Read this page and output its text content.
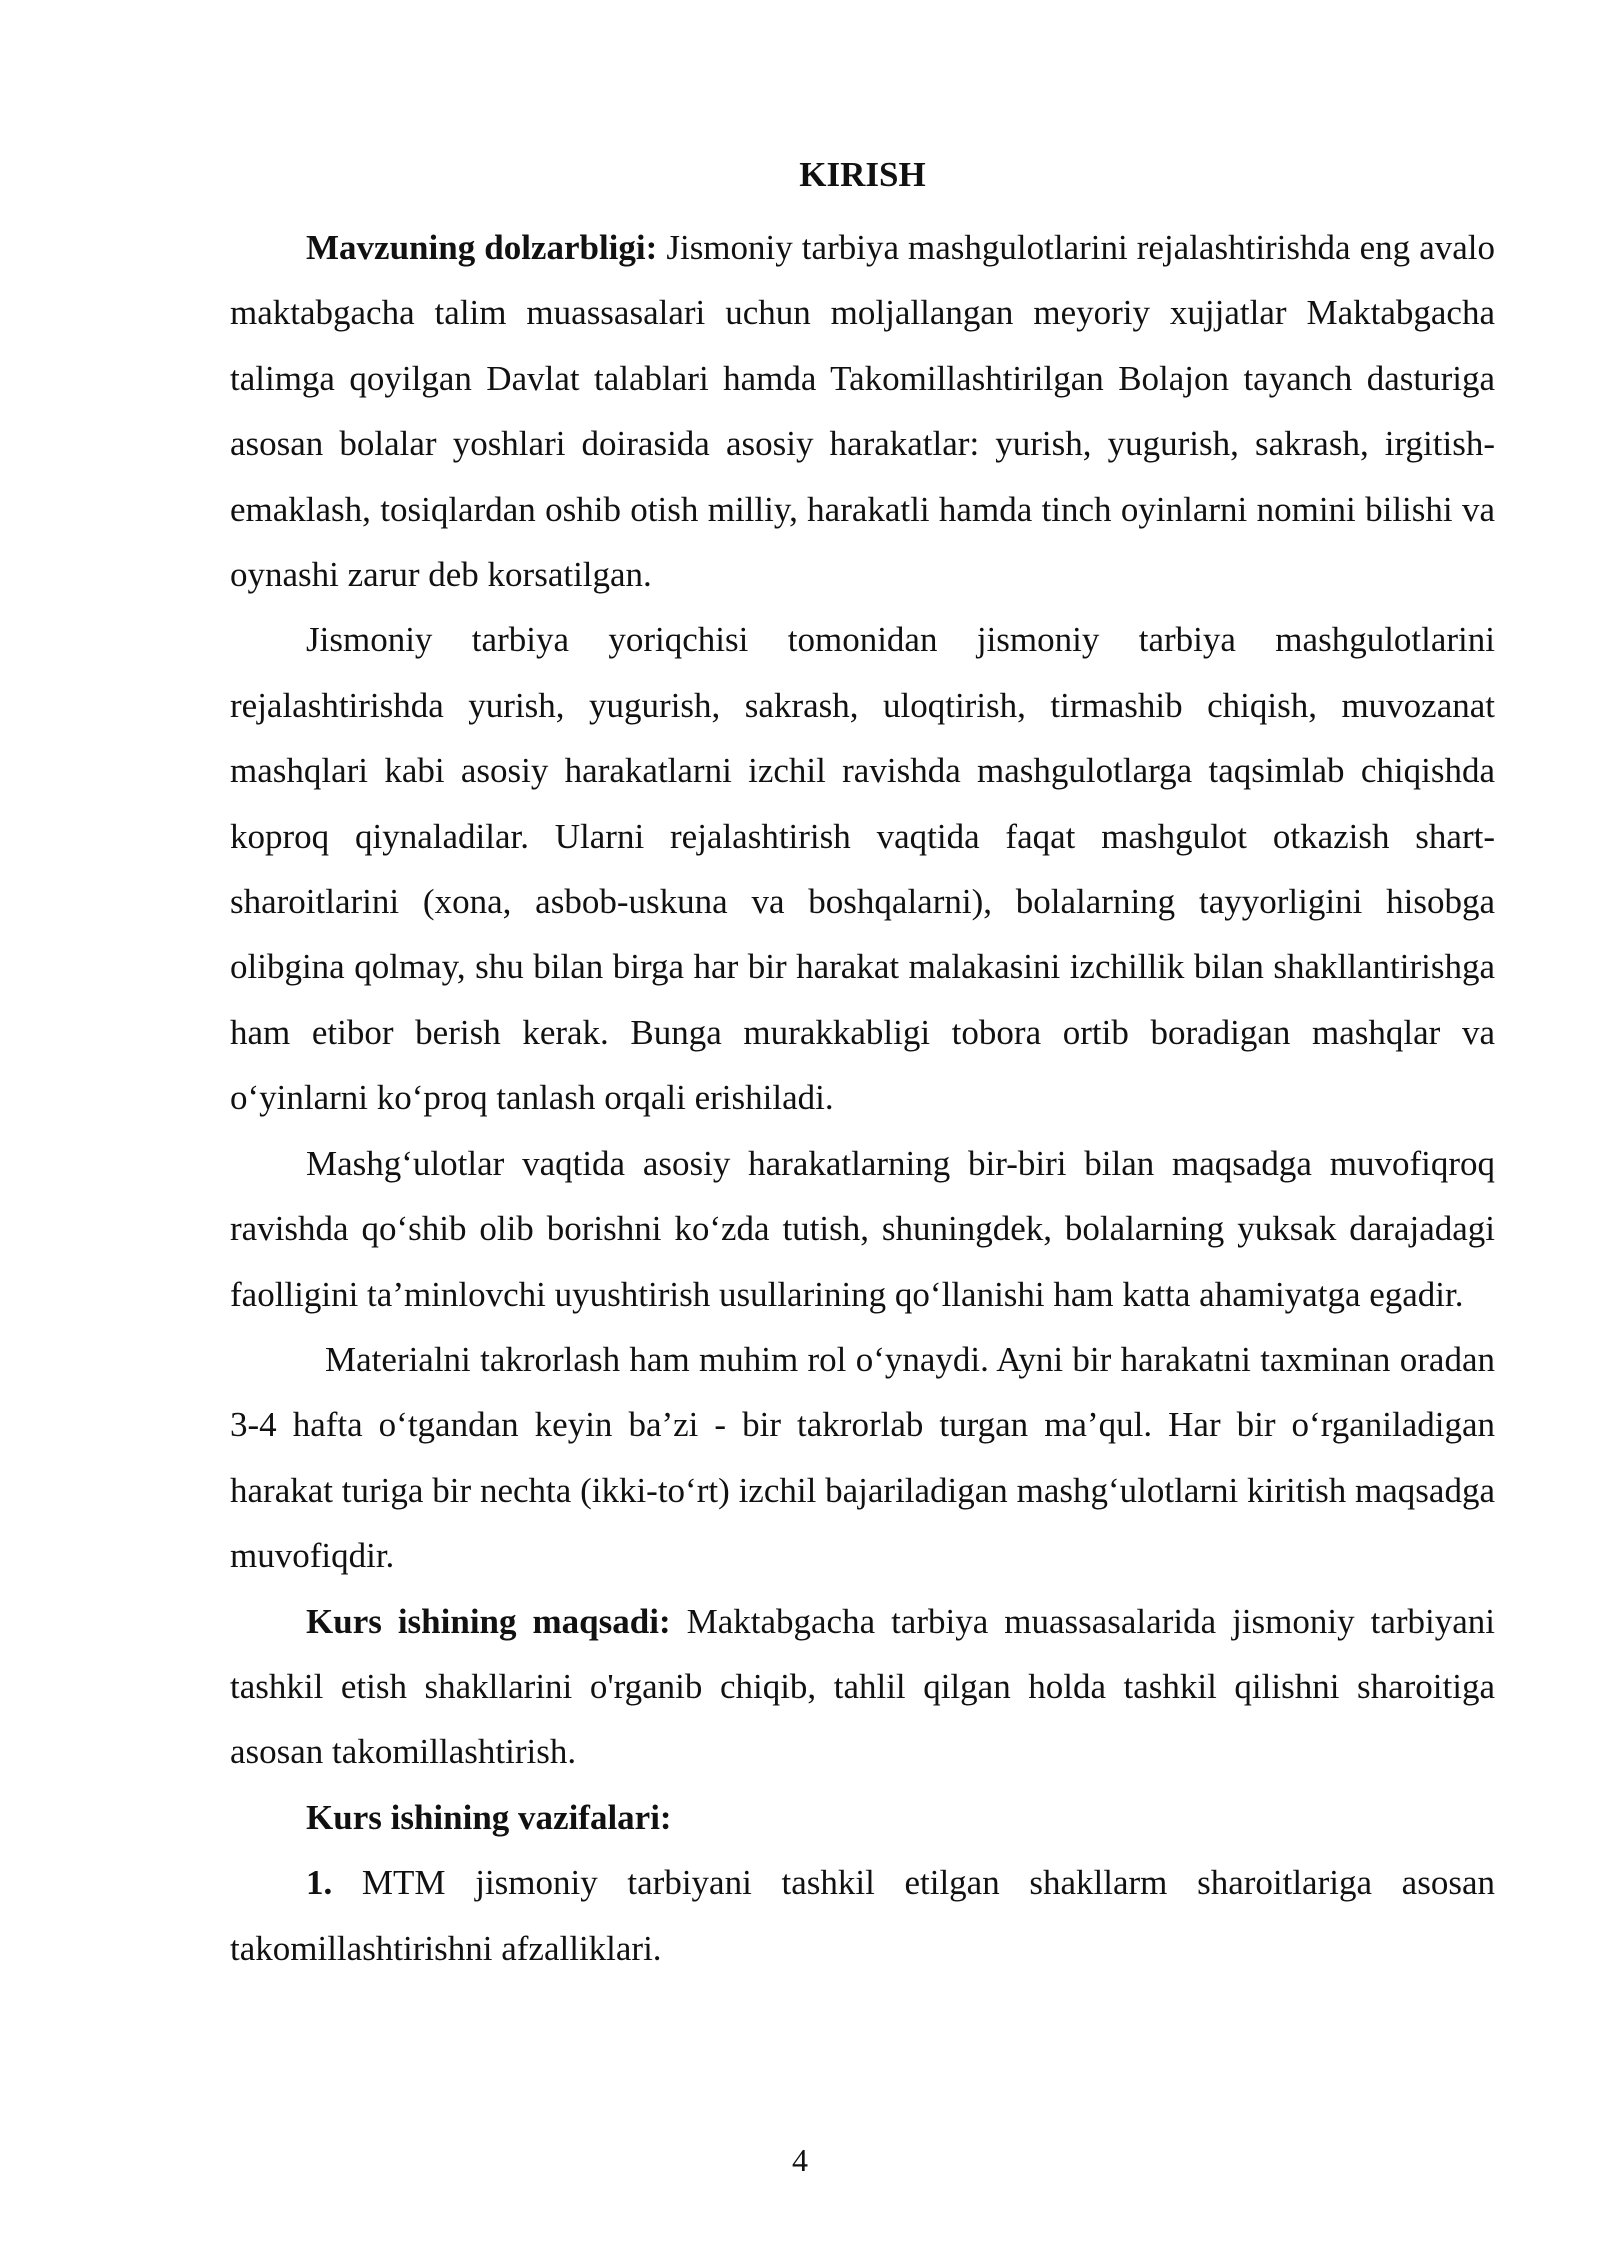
KIRISH

Mavzuning dolzarbligi: Jismoniy tarbiya mashgulotlarini rejalashtirishda eng avalo maktabgacha talim muassasalari uchun moljallangan meyoriy xujjatlar Maktabgacha talimga qoyilgan Davlat talablari hamda Takomillashtirilgan Bolajon tayanch dasturiga asosan bolalar yoshlari doirasida asosiy harakatlar: yurish, yugurish, sakrash, irgitish-emaklash, tosiqlardan oshib otish milliy, harakatli hamda tinch oyinlarni nomini bilishi va oynashi zarur deb korsatilgan.

Jismoniy tarbiya yoriqchisi tomonidan jismoniy tarbiya mashgulotlarini rejalashtirishda yurish, yugurish, sakrash, uloqtirish, tirmashib chiqish, muvozanat mashqlari kabi asosiy harakatlarni izchil ravishda mashgulotlarga taqsimlab chiqishda koproq qiynaladilar. Ularni rejalashtirish vaqtida faqat mashgulot otkazish shart-sharoitlarini (xona, asbob-uskuna va boshqalarni), bolalarning tayyorligini hisobga olibgina qolmay, shu bilan birga har bir harakat malakasini izchillik bilan shakllantirishga ham etibor berish kerak. Bunga murakkabligi tobora ortib boradigan mashqlar va o‘yinlarni ko‘proq tanlash orqali erishiladi.

Mashg‘ulotlar vaqtida asosiy harakatlarning bir-biri bilan maqsadga muvofiqroq ravishda qo‘shib olib borishni ko‘zda tutish, shuningdek, bolalarning yuksak darajadagi faolligini ta’minlovchi uyushtirish usullarining qo‘llanishi ham katta ahamiyatga egadir.

Materialni takrorlash ham muhim rol o‘ynaydi. Ayni bir harakatni taxminan oradan 3-4 hafta o‘tgandan keyin ba’zi - bir takrorlab turgan ma’qul. Har bir o‘rganiladigan harakat turiga bir nechta (ikki-to‘rt) izchil bajariladigan mashg‘ulotlarni kiritish maqsadga muvofiqdir.

Kurs ishining maqsadi: Maktabgacha tarbiya muassasalarida jismoniy tarbiyani tashkil etish shakllarini o'rganib chiqib, tahlil qilgan holda tashkil qilishni sharoitiga asosan takomillashtirish.

Kurs ishining vazifalari:

1. MTM jismoniy tarbiyani tashkil etilgan shakllarm sharoitlariga asosan takomillashtirishni afzalliklari.

4
